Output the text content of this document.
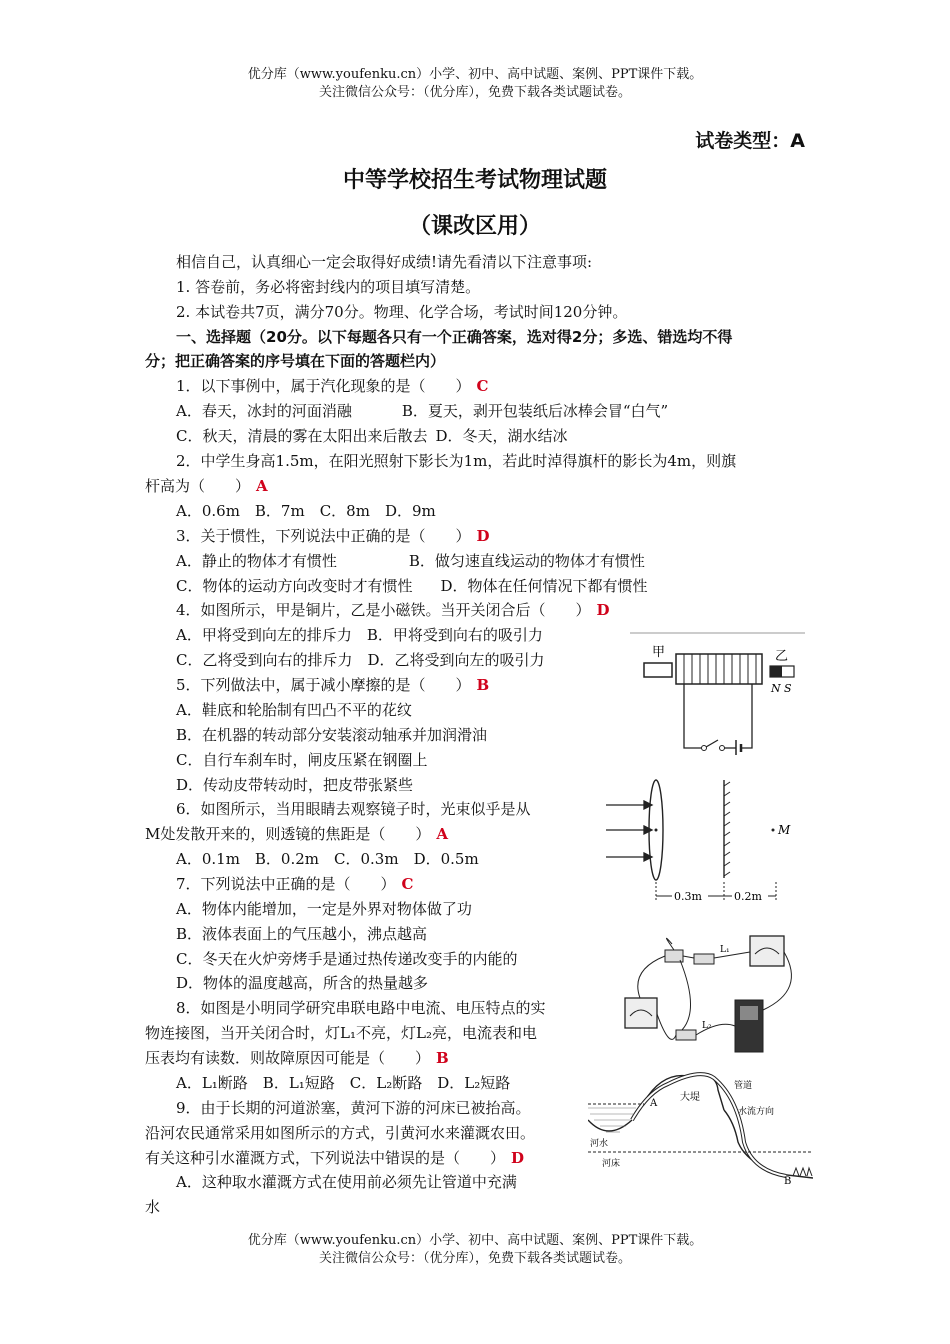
优分库（www.youfenku.cn）小学、初中、高中试题、案例、PPT课件下载。
关注微信公众号：（优分库），免费下载各类试题试卷。
试卷类型：A
中等学校招生考试物理试题
（课改区用）
相信自己，认真细心一定会取得好成绩!请先看清以下注意事项:
1. 答卷前，务必将密封线内的项目填写清楚。
2. 本试卷共7页，满分70分。物理、化学合场，考试时间120分钟。
一、选择题（20分。以下每题各只有一个正确答案，选对得2分；多选、错选均不得
分；把正确答案的序号填在下面的答题栏内）
1．以下事例中，属于汽化现象的是（　　） C
A．春天，冰封的河面消融	B．夏天，剥开包装纸后冰棒会冒“白气”
C．秋天，清晨的雾在太阳出来后散去 D．冬天，湖水结冰
2．中学生身高1.5m，在阳光照射下影长为1m，若此时淖得旗杆的影长为4m，则旗
杆高为（　　） A
A．0.6m　B．7m　C．8m　D．9m
3．关于惯性，下列说法中正确的是（　　） D
A．静止的物体才有惯性	B．做匀速直线运动的物体才有惯性
C．物体的运动方向改变时才有惯性 D．物体在任何情况下都有惯性
4．如图所示，甲是铜片，乙是小磁铁。当开关闭合后（　　） D
A．甲将受到向左的排斥力　B．甲将受到向右的吸引力
C．乙将受到向右的排斥力　D．乙将受到向左的吸引力
5．下列做法中，属于减小摩擦的是（　　） B
A．鞋底和轮胎制有凹凸不平的花纹
B．在机器的转动部分安装滚动轴承并加润滑油
C．自行车刹车时，闸皮压紧在钢圈上
D．传动皮带转动时，把皮带张紧些
6．如图所示，当用眼睛去观察镜子时，光束似乎是从
M处发散开来的，则透镜的焦距是（　　） A
A．0.1m　B．0.2m　C．0.3m　D．0.5m
7．下列说法中正确的是（　　） C
A．物体内能增加，一定是外界对物体做了功
B．液体表面上的气压越小，沸点越高
C．冬天在火炉旁烤手是通过热传递改变手的内能的
D．物体的温度越高，所含的热量越多
8．如图是小明同学研究串联电路中电流、电压特点的实
物连接图，当开关闭合时，灯L₁不亮，灯L₂亮，电流表和电
压表均有读数．则故障原因可能是（　　） B
A．L₁断路　B．L₁短路　C．L₂断路　D．L₂短路
9．由于长期的河道淤塞，黄河下游的河床已被抬高。
沿河农民通常采用如图所示的方式，引黄河水来灌溉农田。
有关这种引水灌溉方式，下列说法中错误的是（　　） D
A．这种取水灌溉方式在使用前必须先让管道中充满
水
甲	乙
N S
M
0.3m	0.2m
L₁
L₂
A
B
大堤
管道
水流方向
河水
河床
优分库（www.youfenku.cn）小学、初中、高中试题、案例、PPT课件下载。
关注微信公众号：（优分库），免费下载各类试题试卷。
